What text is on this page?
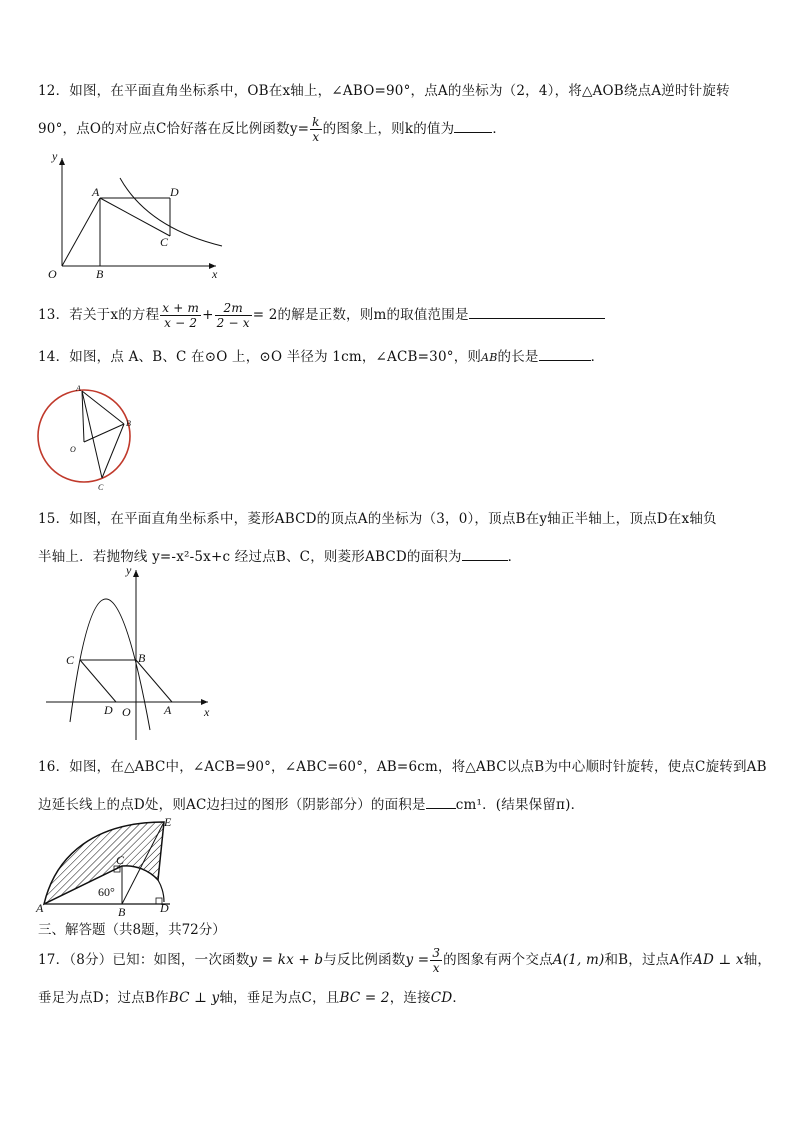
12．如图，在平面直角坐标系中，OB在x轴上，∠ABO=90°，点A的坐标为（2，4），将△AOB绕点A逆时针旋转
90°，点O的对应点C恰好落在反比例函数$y= \frac{k}{x}$ 的图象上，则k的值为	．
y
x
O
A
B
C
D
13．若关于x的方程 $\frac{x + m}{x - 2} + \frac{2m}{2 - x} = 2$的解是正数，则m的取值范围是
14．如图，点 A、B、C 在⊙O 上，⊙O 半径为 1cm，∠ACB=30°，则AB的长是	．
A
B
C
O
15．如图，在平面直角坐标系中，菱形ABCD的顶点A的坐标为（3，0），顶点B在y轴正半轴上，顶点D在x轴负
半轴上．若抛物线 y=-x²-5x+c 经过点B、C，则菱形ABCD的面积为	．
y
x
O	A
B
C
D
16．如图，在△ABC中，∠ACB=90°，∠ABC=60°，AB=6cm，将△ABC以点B为中心顺时针旋转，使点C旋转到AB
边延长线上的点D处，则AC边扫过的图形（阴影部分）的面积是 cm¹．(结果保留π)．
A	B
C
D
E
60°
三、解答题（共8题，共72分）
17．（8分）已知：如图，一次函数y = kx + b与反比例函数$y = \frac{3}{x}$ 的图象有两个交点A(1, m)和B，过点A作AD ⊥ x轴，
垂足为点D；过点B作BC ⊥ y轴，垂足为点C，且BC = 2，连接CD．
